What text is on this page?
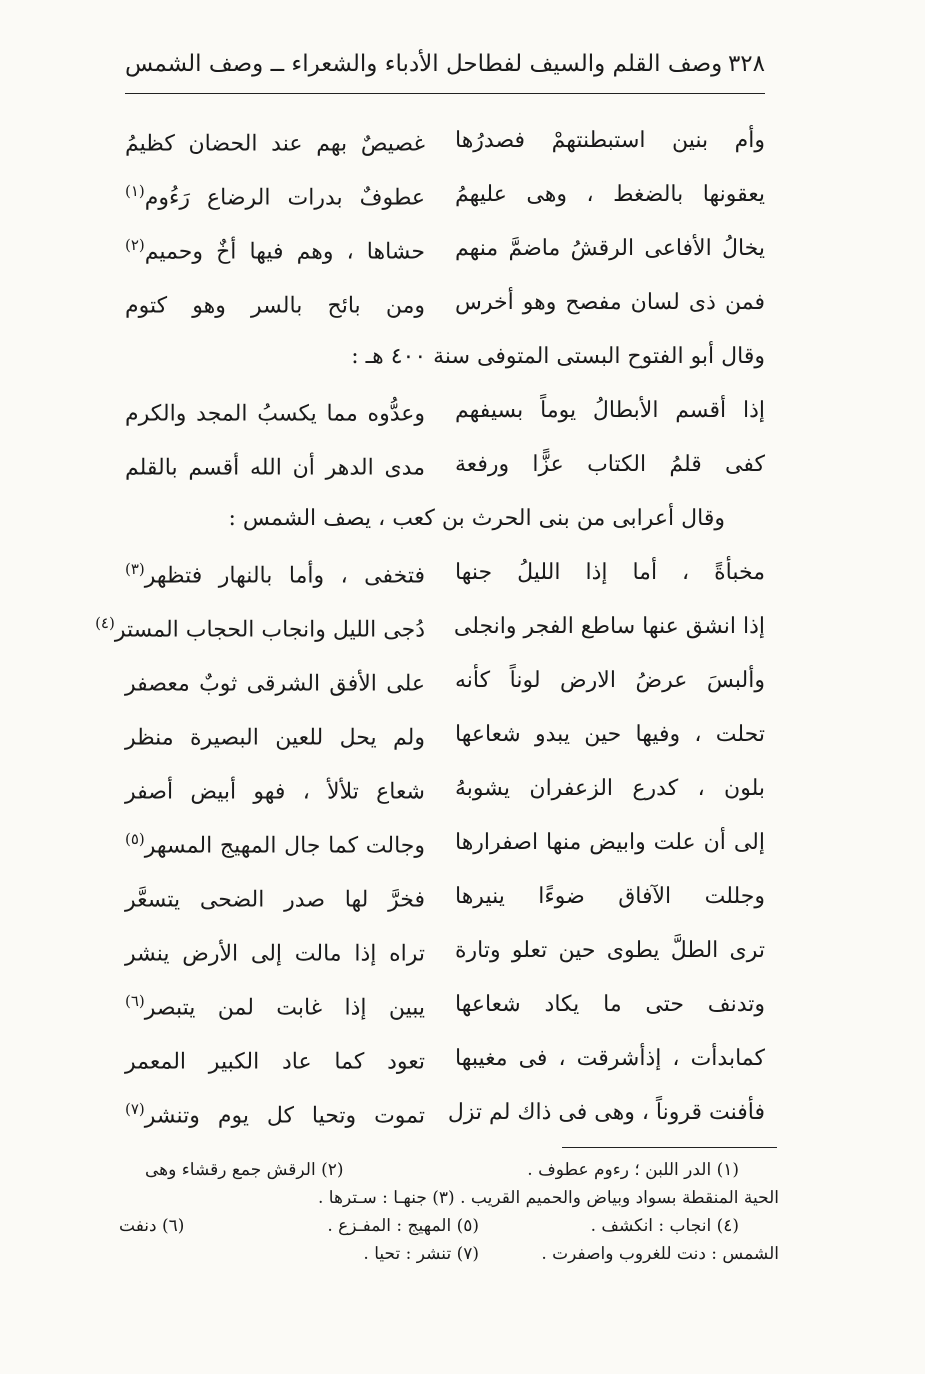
٣٢٨
وصف القلم والسيف لفطاحل الأدباء والشعراء ــ وصف الشمس
وأم بنين استبطنتهمْ فصدرُها
غصيصٌ بهم عند الحضان كظيمُ
يعقونها بالضغط ، وهى عليهمُ
عطوفٌ بدرات الرضاع رَءُوم$^{(١)}$
يخالُ الأفاعى الرقشُ ماضمَّ منهم
حشاها ، وهم فيها أخٌ وحميم$^{(٢)}$
فمن ذى لسان مفصح وهو أخرس
ومن بائح بالسر وهو كتوم
وقال أبو الفتوح البستى المتوفى سنة ٤٠٠ هـ :
إذا أقسم الأبطالُ يوماً بسيفهم
وعدُّوه مما يكسبُ المجد والكرم
كفى قلمُ الكتاب عزًّا ورفعة
مدى الدهر أن الله أقسم بالقلم
وقال أعرابى من بنى الحرث بن كعب ، يصف الشمس :
مخبأةً ، أما إذا الليلُ جنها
فتخفى ، وأما بالنهار فتظهر$^{(٣)}$
إذا انشق عنها ساطع الفجر وانجلى
دُجى الليل وانجاب الحجاب المستر$^{(٤)}$
وألبسَ عرضُ الارض لوناً كأنه
على الأفق الشرقى ثوبٌ معصفر
تحلت ، وفيها حين يبدو شعاعها
ولم يحل للعين البصيرة منظر
بلون ، كدرع الزعفران يشوبهُ
شعاع تلألأ ، فهو أبيض أصفر
إلى أن علت وابيض منها اصفرارها
وجالت كما جال المهيج المسهر$^{(٥)}$
وجللت الآفاق ضوءًا ينيرها
فخرَّ لها صدر الضحى يتسعَّر
ترى الطلَّ يطوى حين تعلو وتارة
تراه إذا مالت إلى الأرض ينشر
وتدنف حتى ما يكاد شعاعها
يبين إذا غابت لمن يتبصر$^{(٦)}$
كمابدأت ، إذأشرقت ، فى مغيبها
تعود كما عاد الكبير المعمر
فأفنت قروناً ، وهى فى ذاك لم تزل
تموت وتحيا كل يوم وتنشر$^{(٧)}$
(١) الدر اللبن ؛ رءوم عطوف .
(٢) الرقش جمع رقشاء وهى
الحية المنقطة بسواد وبياض والحميم القريب . (٣) جنهـا : سـترها .
(٤) انجاب : انكشف .
(٥) المهيج : المفـزع .
(٦) دنفت
الشمس : دنت للغروب واصفرت .
(٧) تنشر : تحيا .
